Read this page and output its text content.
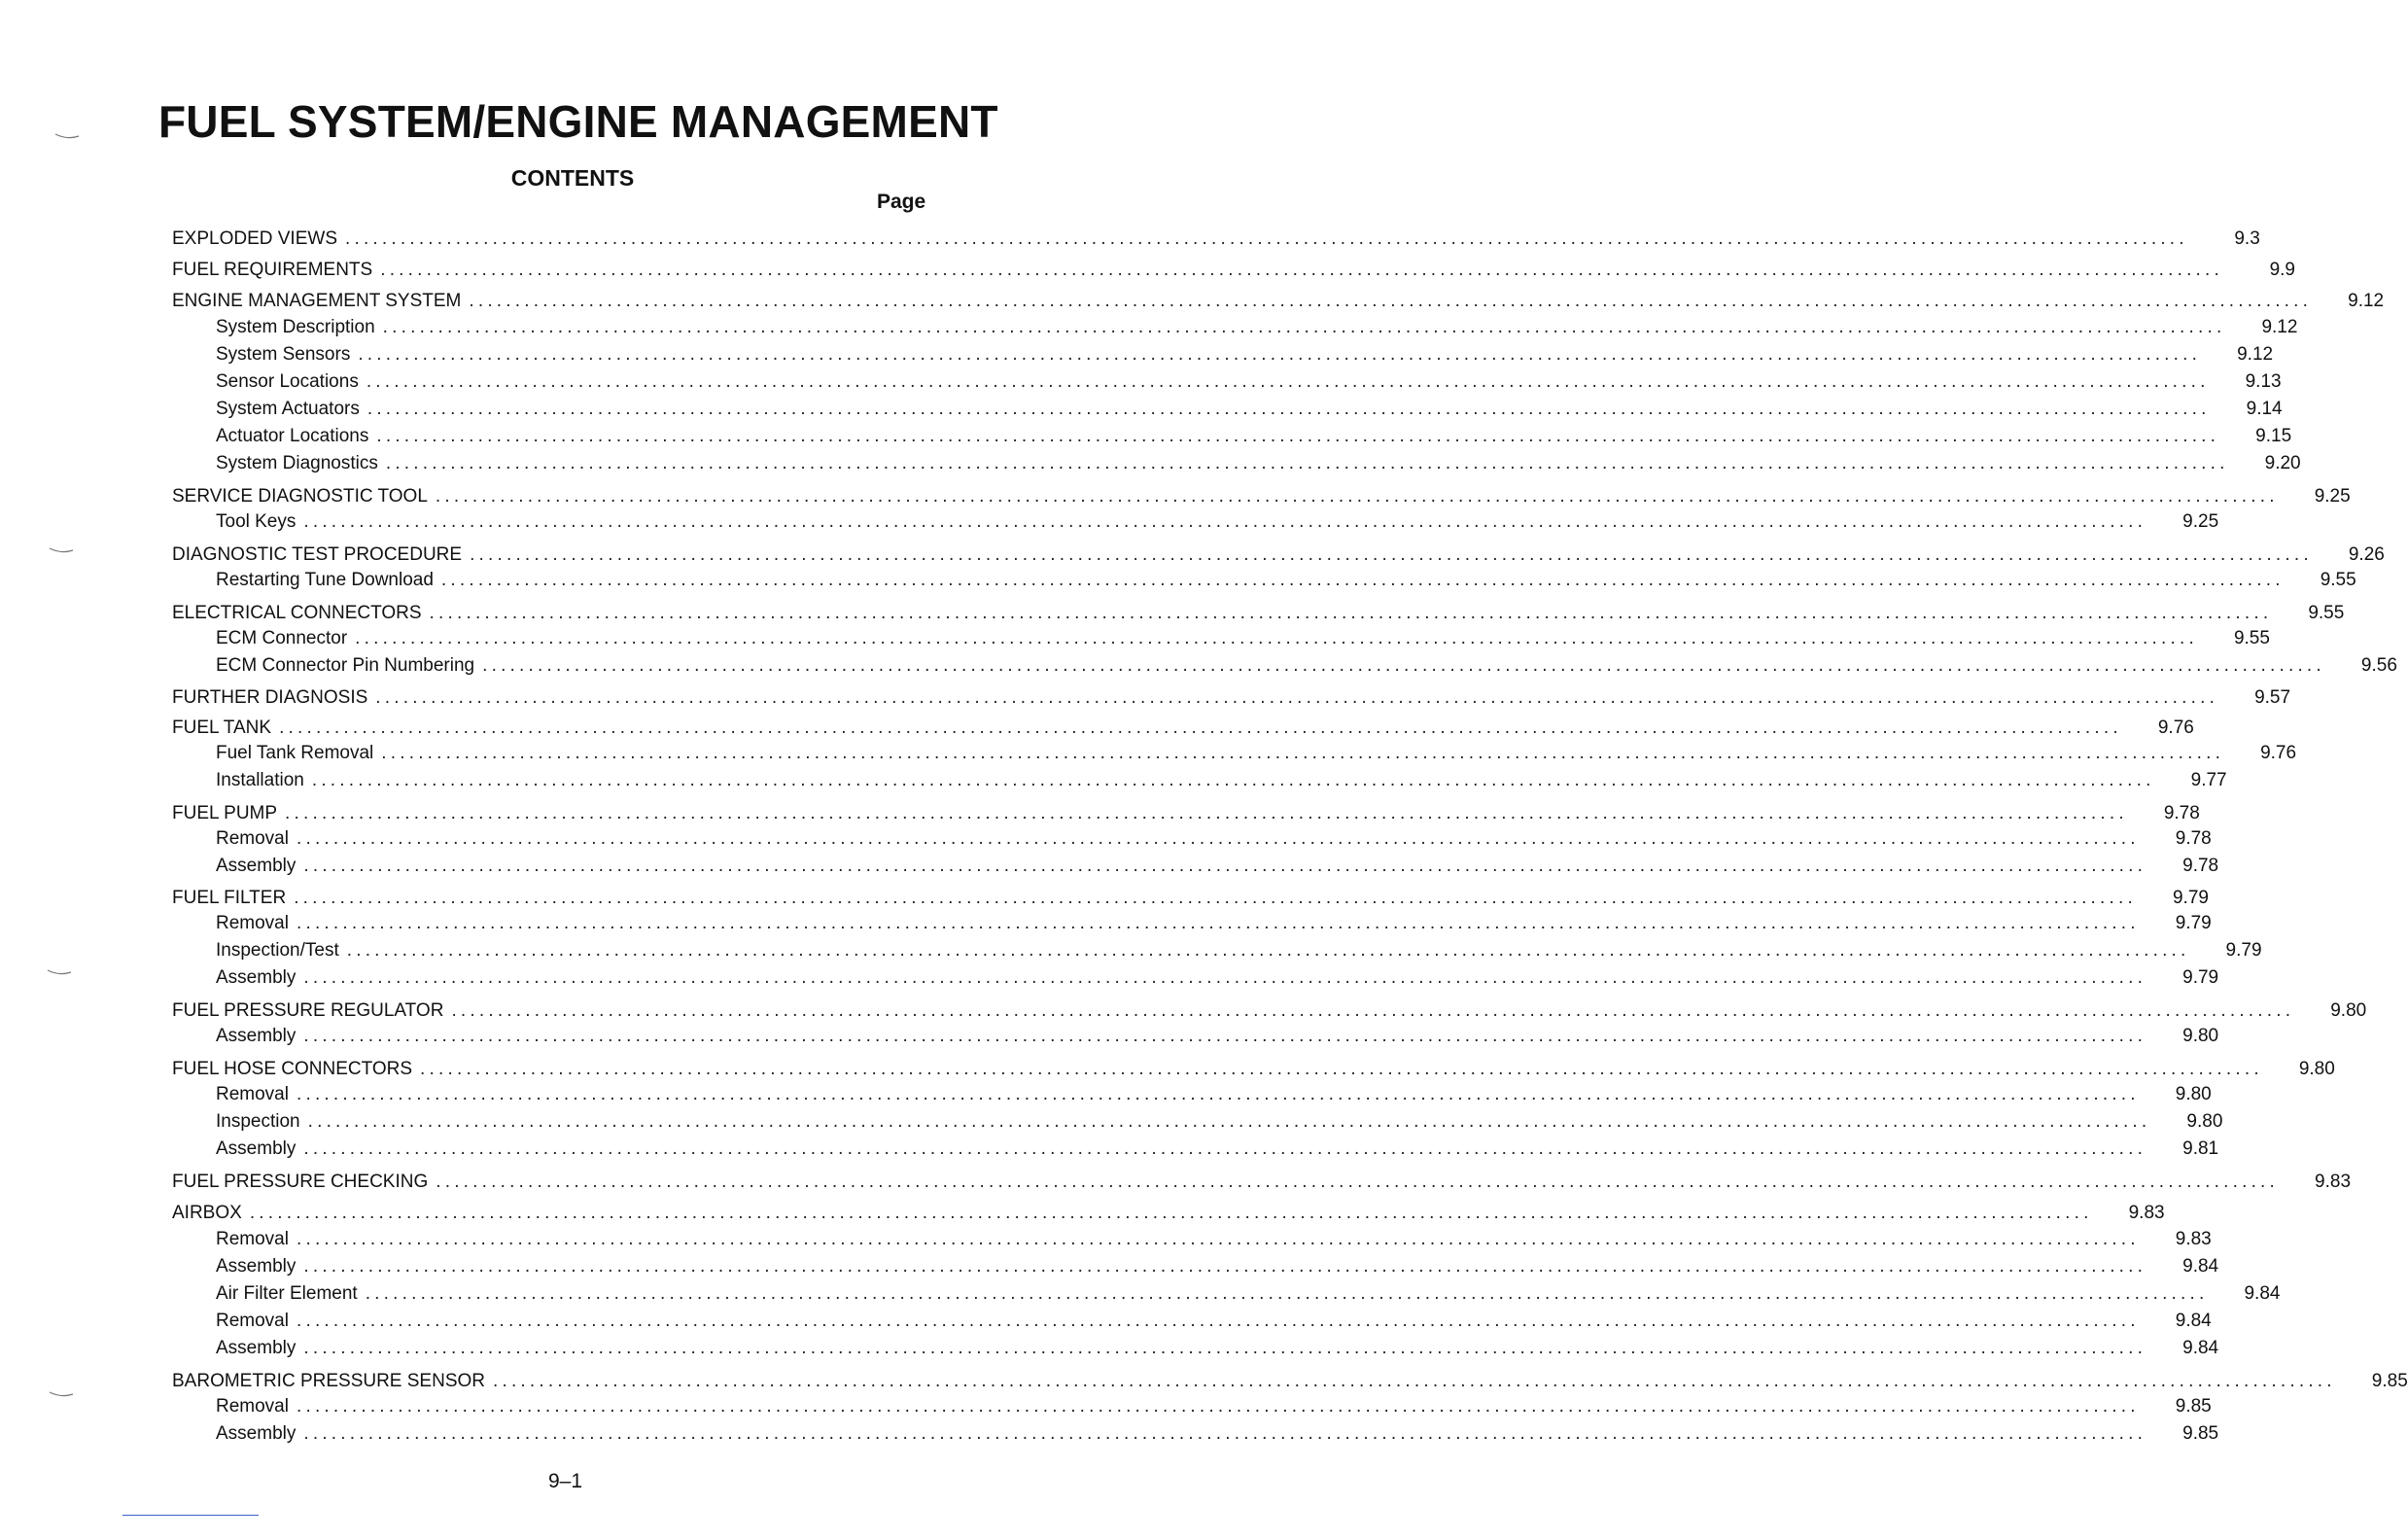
FUEL SYSTEM/ENGINE MANAGEMENT
CONTENTS
Page
EXPLODED VIEWS ........................................................................................................................................................................................................	9.3
FUEL REQUIREMENTS ........................................................................................................................................................................................................	9.9
ENGINE MANAGEMENT SYSTEM ........................................................................................................................................................................................................	9.12
System Description ........................................................................................................................................................................................................	9.12
System Sensors ........................................................................................................................................................................................................	9.12
Sensor Locations ........................................................................................................................................................................................................	9.13
System Actuators ........................................................................................................................................................................................................	9.14
Actuator Locations ........................................................................................................................................................................................................	9.15
System Diagnostics ........................................................................................................................................................................................................	9.20
SERVICE DIAGNOSTIC TOOL ........................................................................................................................................................................................................	9.25
Tool Keys ........................................................................................................................................................................................................	9.25
DIAGNOSTIC TEST PROCEDURE ........................................................................................................................................................................................................	9.26
Restarting Tune Download ........................................................................................................................................................................................................	9.55
ELECTRICAL CONNECTORS ........................................................................................................................................................................................................	9.55
ECM Connector ........................................................................................................................................................................................................	9.55
ECM Connector Pin Numbering ........................................................................................................................................................................................................	9.56
FURTHER DIAGNOSIS ........................................................................................................................................................................................................	9.57
FUEL TANK ........................................................................................................................................................................................................	9.76
Fuel Tank Removal ........................................................................................................................................................................................................	9.76
Installation ........................................................................................................................................................................................................	9.77
FUEL PUMP ........................................................................................................................................................................................................	9.78
Removal ........................................................................................................................................................................................................	9.78
Assembly ........................................................................................................................................................................................................	9.78
FUEL FILTER ........................................................................................................................................................................................................	9.79
Removal ........................................................................................................................................................................................................	9.79
Inspection/Test ........................................................................................................................................................................................................	9.79
Assembly ........................................................................................................................................................................................................	9.79
FUEL PRESSURE REGULATOR ........................................................................................................................................................................................................	9.80
Assembly ........................................................................................................................................................................................................	9.80
FUEL HOSE CONNECTORS ........................................................................................................................................................................................................	9.80
Removal ........................................................................................................................................................................................................	9.80
Inspection ........................................................................................................................................................................................................	9.80
Assembly ........................................................................................................................................................................................................	9.81
FUEL PRESSURE CHECKING ........................................................................................................................................................................................................	9.83
AIRBOX ........................................................................................................................................................................................................	9.83
Removal ........................................................................................................................................................................................................	9.83
Assembly ........................................................................................................................................................................................................	9.84
Air Filter Element ........................................................................................................................................................................................................	9.84
Removal ........................................................................................................................................................................................................	9.84
Assembly ........................................................................................................................................................................................................	9.84
BAROMETRIC PRESSURE SENSOR ........................................................................................................................................................................................................	9.85
Removal ........................................................................................................................................................................................................	9.85
Assembly ........................................................................................................................................................................................................	9.85
9–1
